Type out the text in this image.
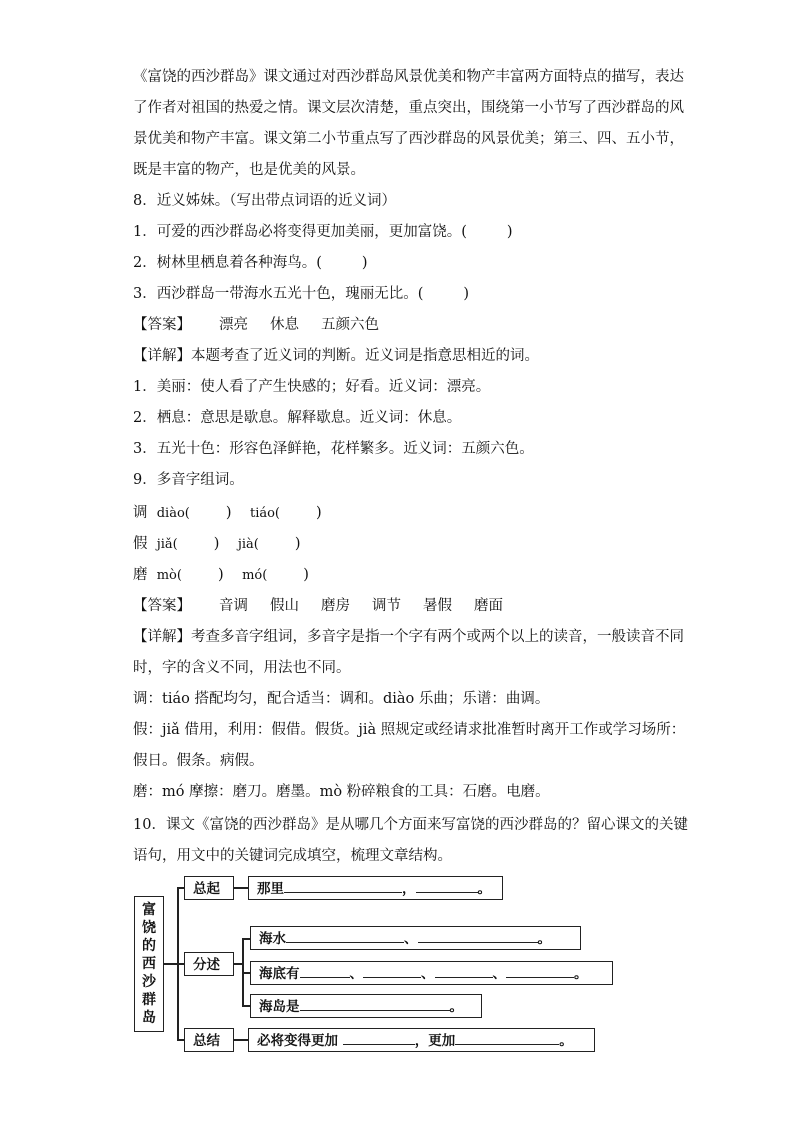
《富饶的西沙群岛》课文通过对西沙群岛风景优美和物产丰富两方面特点的描写，表达
了作者对祖国的热爱之情。课文层次清楚，重点突出，围绕第一小节写了西沙群岛的风
景优美和物产丰富。课文第二小节重点写了西沙群岛的风景优美；第三、四、五小节，
既是丰富的物产，也是优美的风景。
8．近义姊妹。（写出带点词语的近义词）
1．可爱的西沙群岛必将变得更加美丽，更加富饶。(	)
2．树林里栖息着各种海鸟。(	)
3．西沙群岛一带海水五光十色，瑰丽无比。(	)
【答案】 漂亮 休息 五颜六色
【详解】本题考查了近义词的判断。近义词是指意思相近的词。
1．美丽：使人看了产生快感的；好看。近义词：漂亮。
2．栖息：意思是歇息。解释歇息。近义词：休息。
3．五光十色：形容色泽鲜艳，花样繁多。近义词：五颜六色。
9．多音字组词。
调 diào( ) tiáo( )
假 jiǎ( ) jià( )
磨 mò( ) mó( )
【答案】 音调 假山 磨房 调节 暑假 磨面
【详解】考查多音字组词，多音字是指一个字有两个或两个以上的读音，一般读音不同
时，字的含义不同，用法也不同。
调：tiáo 搭配均匀，配合适当：调和。diào 乐曲；乐谱：曲调。
假：jiǎ 借用，利用：假借。假货。jià 照规定或经请求批准暂时离开工作或学习场所：
假日。假条。病假。
磨：mó 摩擦：磨刀。磨墨。mò 粉碎粮食的工具：石磨。电磨。
10．课文《富饶的西沙群岛》是从哪几个方面来写富饶的西沙群岛的？留心课文的关键
语句，用文中的关键词完成填空，梳理文章结构。
富
饶
的
西
沙
群
岛
总起
分述
总结
那里	，	。
海水	、	。
海底有	、	、	、	。
海岛是	。
必将变得更加	，更加	。
